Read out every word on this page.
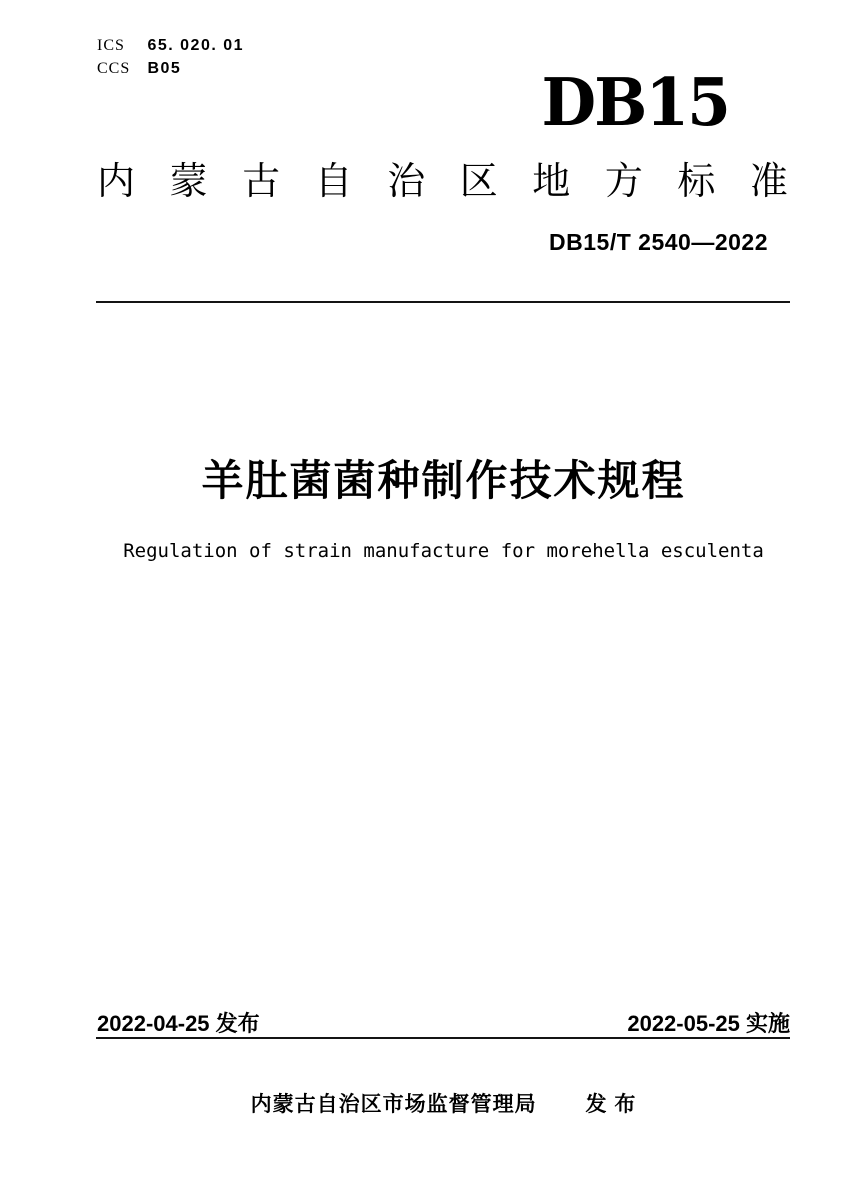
ICS 65. 020. 01
CCS B05	DB15
内 蒙 古 自 治 区 地 方 标 准
DB15/T 2540—2022
羊肚菌菌种制作技术规程
Regulation of strain manufacture for morehella esculenta
2022-04-25 发布	2022-05-25 实施
内蒙古自治区市场监督管理局 发 布
